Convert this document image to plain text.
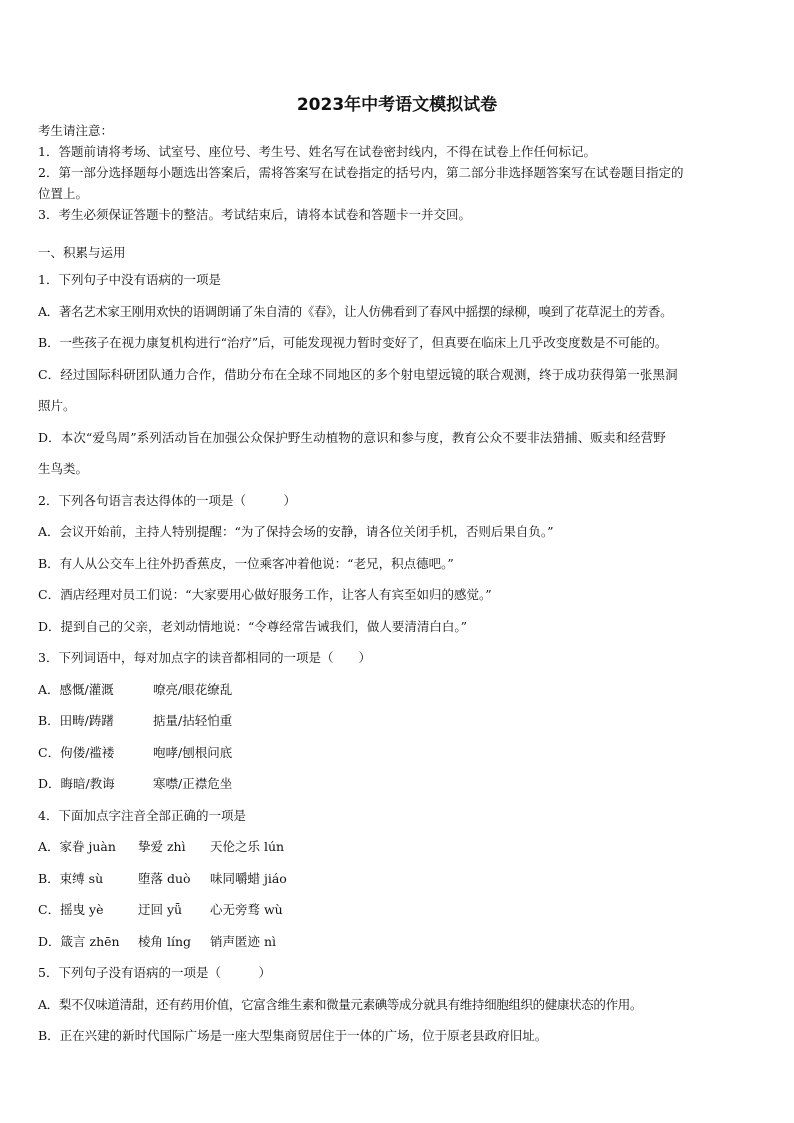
2023年中考语文模拟试卷
考生请注意：
1．答题前请将考场、试室号、座位号、考生号、姓名写在试卷密封线内，不得在试卷上作任何标记。
2．第一部分选择题每小题选出答案后，需将答案写在试卷指定的括号内，第二部分非选择题答案写在试卷题目指定的
位置上。
3．考生必须保证答题卡的整洁。考试结束后，请将本试卷和答题卡一并交回。
一、积累与运用
1．下列句子中没有语病的一项是
A．著名艺术家王刚用欢快的语调朗诵了朱自清的《春》，让人仿佛看到了春风中摇摆的绿柳，嗅到了花草泥土的芳香。
B．一些孩子在视力康复机构进行“治疗”后，可能发现视力暂时变好了，但真要在临床上几乎改变度数是不可能的。
C．经过国际科研团队通力合作，借助分布在全球不同地区的多个射电望远镜的联合观测，终于成功获得第一张黑洞
照片。
D．本次“爱鸟周”系列活动旨在加强公众保护野生动植物的意识和参与度，教育公众不要非法猎捕、贩卖和经营野
生鸟类。
2．下列各句语言表达得体的一项是（　　　）
A．会议开始前，主持人特别提醒：“为了保持会场的安静，请各位关闭手机，否则后果自负。”
B．有人从公交车上往外扔香蕉皮，一位乘客冲着他说：“老兄，积点德吧。”
C．酒店经理对员工们说：“大家要用心做好服务工作，让客人有宾至如归的感觉。”
D．提到自己的父亲，老刘动情地说：“令尊经常告诫我们，做人要清清白白。”
3．下列词语中，每对加点字的读音都相同的一项是（　　）
A．感慨/灌溉	嘹亮/眼花缭乱
B．田畴/踌躇	掂量/拈轻怕重
C．佝偻/褴褛	咆哮/刨根问底
D．晦暗/教诲	寒噤/正襟危坐
4．下面加点字注音全部正确的一项是
A．家眷 juàn 挚爱 zhì 天伦之乐 lún
B．束缚 sù	堕落 duò 味同嚼蜡 jiáo
C．摇曳 yè	迂回 yǖ 心无旁骛 wù
D．箴言 zhēn 棱角 líng 销声匿迹 nì
5．下列句子没有语病的一项是（　　　）
A．梨不仅味道清甜，还有药用价值，它富含维生素和微量元素碘等成分就具有维持细胞组织的健康状态的作用。
B．正在兴建的新时代国际广场是一座大型集商贸居住于一体的广场，位于原老县政府旧址。
